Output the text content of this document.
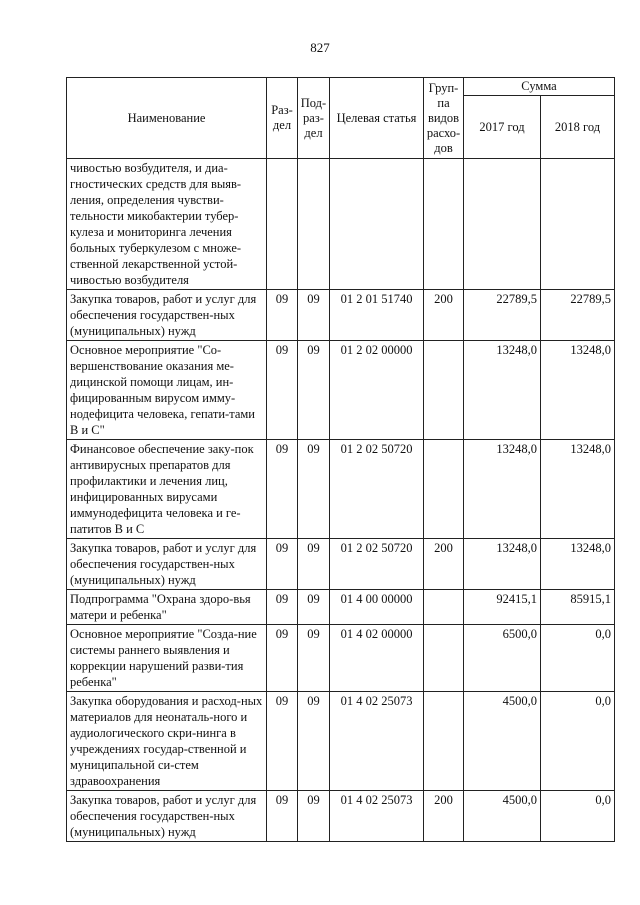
827
Наименование	Раз-дел	Под-раз-дел	Целевая статья	Груп-па видов расхо-дов	Сумма	
					2017 год	2018 год
чивостью возбудителя, и диа-гностических средств для выяв-ления, определения чувстви-тельности микобактерии тубер-кулеза и мониторинга лечения больных туберкулезом с множе-ственной лекарственной устой-чивостью возбудителя						
Закупка товаров, работ и услуг для обеспечения государствен-ных (муниципальных) нужд	09	09	01 2 01 51740	200	22789,5	22789,5
Основное мероприятие "Со-вершенствование оказания ме-дицинской помощи лицам, ин-фицированным вирусом имму-нодефицита человека, гепати-тами В и С"	09	09	01 2 02 00000		13248,0	13248,0
Финансовое обеспечение заку-пок антивирусных препаратов для профилактики и лечения лиц, инфицированных вирусами иммунодефицита человека и ге-патитов В и С	09	09	01 2 02 50720		13248,0	13248,0
Закупка товаров, работ и услуг для обеспечения государствен-ных (муниципальных) нужд	09	09	01 2 02 50720	200	13248,0	13248,0
Подпрограмма "Охрана здоро-вья матери и ребенка"	09	09	01 4 00 00000		92415,1	85915,1
Основное мероприятие "Созда-ние системы раннего выявления и коррекции нарушений разви-тия ребенка"	09	09	01 4 02 00000		6500,0	0,0
Закупка оборудования и расход-ных материалов для неонаталь-ного и аудиологического скри-нинга в учреждениях государ-ственной и муниципальной си-стем здравоохранения	09	09	01 4 02 25073		4500,0	0,0
Закупка товаров, работ и услуг для обеспечения государствен-ных (муниципальных) нужд	09	09	01 4 02 25073	200	4500,0	0,0
